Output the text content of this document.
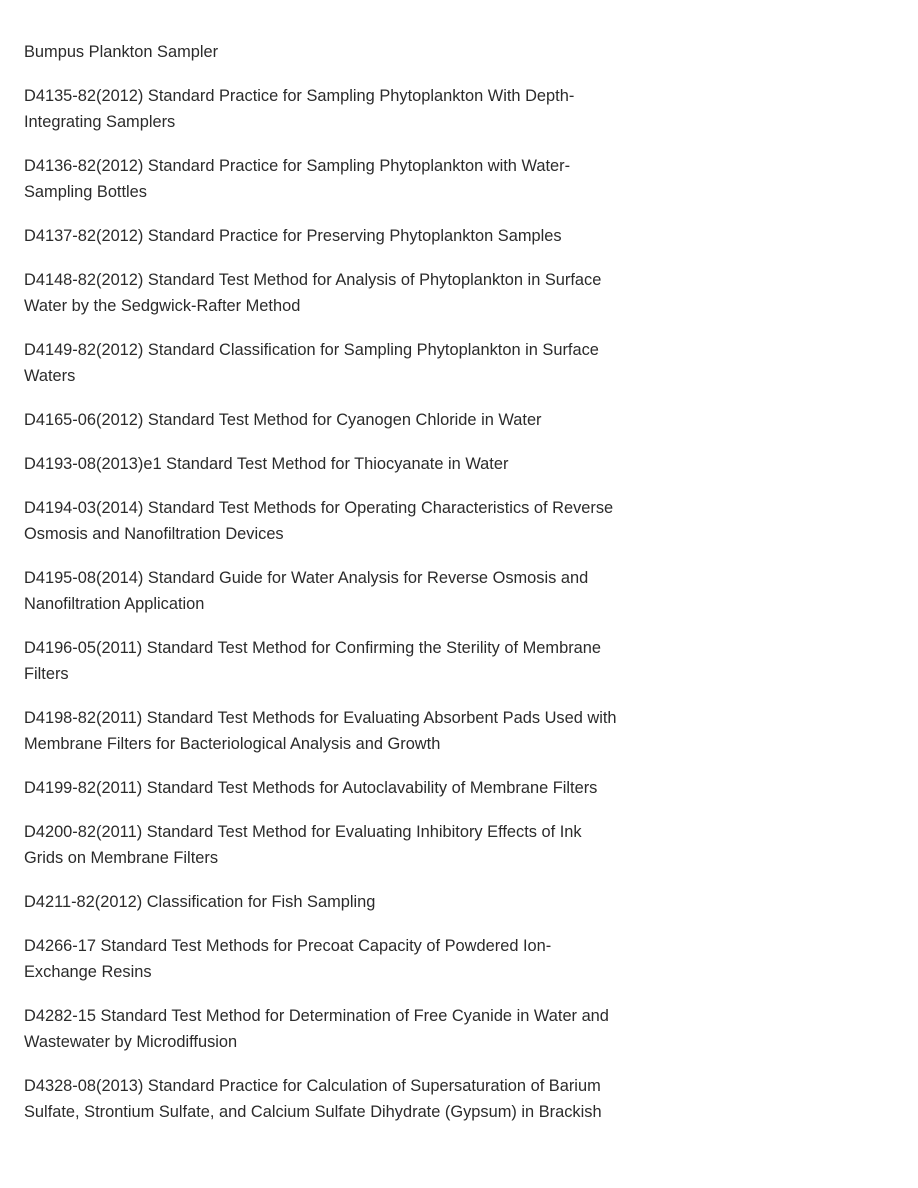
Bumpus Plankton Sampler

D4135-82(2012) Standard Practice for Sampling Phytoplankton With Depth-Integrating Samplers

D4136-82(2012) Standard Practice for Sampling Phytoplankton with Water-Sampling Bottles

D4137-82(2012) Standard Practice for Preserving Phytoplankton Samples

D4148-82(2012) Standard Test Method for Analysis of Phytoplankton in Surface Water by the Sedgwick-Rafter Method

D4149-82(2012) Standard Classification for Sampling Phytoplankton in Surface Waters

D4165-06(2012) Standard Test Method for Cyanogen Chloride in Water

D4193-08(2013)e1 Standard Test Method for Thiocyanate in Water

D4194-03(2014) Standard Test Methods for Operating Characteristics of Reverse Osmosis and Nanofiltration Devices

D4195-08(2014) Standard Guide for Water Analysis for Reverse Osmosis and Nanofiltration Application

D4196-05(2011) Standard Test Method for Confirming the Sterility of Membrane Filters

D4198-82(2011) Standard Test Methods for Evaluating Absorbent Pads Used with Membrane Filters for Bacteriological Analysis and Growth

D4199-82(2011) Standard Test Methods for Autoclavability of Membrane Filters

D4200-82(2011) Standard Test Method for Evaluating Inhibitory Effects of Ink Grids on Membrane Filters

D4211-82(2012) Classification for Fish Sampling

D4266-17 Standard Test Methods for Precoat Capacity of Powdered Ion-Exchange Resins

D4282-15 Standard Test Method for Determination of Free Cyanide in Water and Wastewater by Microdiffusion

D4328-08(2013) Standard Practice for Calculation of Supersaturation of Barium Sulfate, Strontium Sulfate, and Calcium Sulfate Dihydrate (Gypsum) in Brackish
